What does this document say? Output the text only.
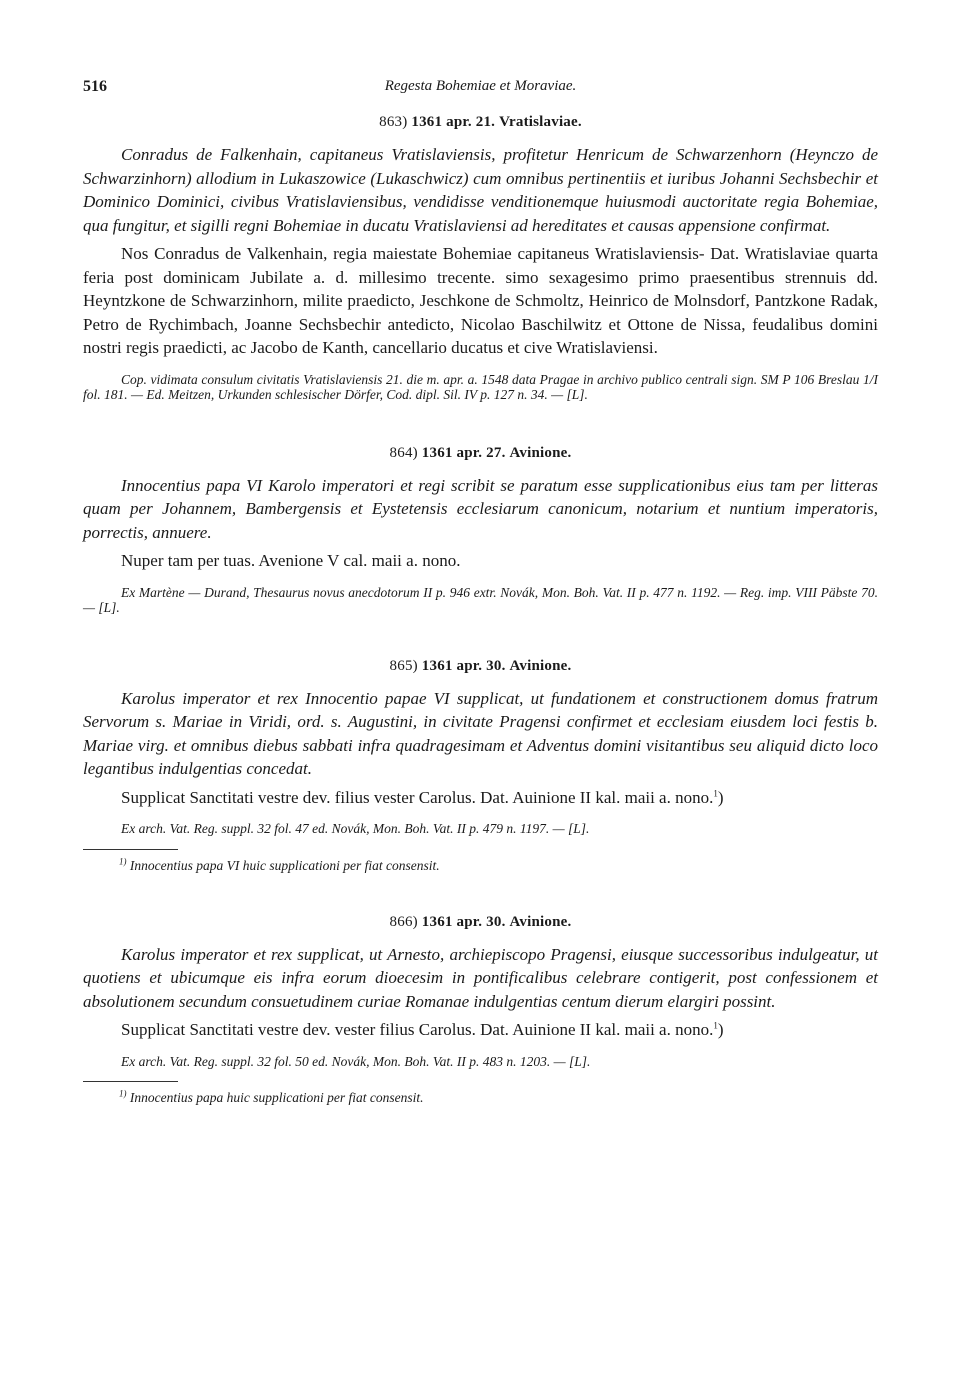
516	Regesta Bohemiae et Moraviae.
863) 1361 apr. 21. Vratislaviae.

Conradus de Falkenhain, capitaneus Vratislaviensis, profitetur Henricum de Schwarzenhorn (Heynczo de Schwarzinhorn) allodium in Lukaszowice (Lukaschwicz) cum omnibus pertinentiis et iuribus Johanni Sechsbechir et Dominico Dominici, civibus Vratislaviensibus, vendidisse venditionemque huiusmodi auctoritate regia Bohemiae, qua fungitur, et sigilli regni Bohemiae in ducatu Vratislaviensi ad hereditates et causas appensione confirmat.

Nos Conradus de Valkenhain, regia maiestate Bohemiae capitaneus Wratislaviensis- Dat. Wratislaviae quarta feria post dominicam Jubilate a. d. millesimo trecente. simo sexagesimo primo praesentibus strennuis dd. Heyntzkone de Schwarzinhorn, milite praedicto, Jeschkone de Schmoltz, Heinrico de Molnsdorf, Pantzkone Radak, Petro de Rychimbach, Joanne Sechsbechir antedicto, Nicolao Baschilwitz et Ottone de Nissa, feudalibus domini nostri regis praedicti, ac Jacobo de Kanth, cancellario ducatus et cive Wratislaviensi.

Cop. vidimata consulum civitatis Vratislaviensis 21. die m. apr. a. 1548 data Pragae in archivo publico centrali sign. SM P 106 Breslau 1/I fol. 181. — Ed. Meitzen, Urkunden schlesischer Dörfer, Cod. dipl. Sil. IV p. 127 n. 34. — [L].

864) 1361 apr. 27. Avinione.

Innocentius papa VI Karolo imperatori et regi scribit se paratum esse supplicationibus eius tam per litteras quam per Johannem, Bambergensis et Eystetensis ecclesiarum canonicum, notarium et nuntium imperatoris, porrectis, annuere.

Nuper tam per tuas. Avenione V cal. maii a. nono.

Ex Martène — Durand, Thesaurus novus anecdotorum II p. 946 extr. Novák, Mon. Boh. Vat. II p. 477 n. 1192. — Reg. imp. VIII Päbste 70. — [L].

865) 1361 apr. 30. Avinione.

Karolus imperator et rex Innocentio papae VI supplicat, ut fundationem et constructionem domus fratrum Servorum s. Mariae in Viridi, ord. s. Augustini, in civitate Pragensi confirmet et ecclesiam eiusdem loci festis b. Mariae virg. et omnibus diebus sabbati infra quadragesimam et Adventus domini visitantibus seu aliquid dicto loco legantibus indulgentias concedat.

Supplicat Sanctitati vestre dev. filius vester Carolus. Dat. Auinione II kal. maii a. nono.$^1$)

Ex arch. Vat. Reg. suppl. 32 fol. 47 ed. Novák, Mon. Boh. Vat. II p. 479 n. 1197. — [L].

$^{1)}$ Innocentius papa VI huic supplicationi per fiat consensit.
866) 1361 apr. 30. Avinione.

Karolus imperator et rex supplicat, ut Arnesto, archiepiscopo Pragensi, eiusque successoribus indulgeatur, ut quotiens et ubicumque eis infra eorum dioecesim in pontificalibus celebrare contigerit, post confessionem et absolutionem secundum consuetudinem curiae Romanae indulgentias centum dierum elargiri possint.

Supplicat Sanctitati vestre dev. vester filius Carolus. Dat. Auinione II kal. maii a. nono.$^1$)

Ex arch. Vat. Reg. suppl. 32 fol. 50 ed. Novák, Mon. Boh. Vat. II p. 483 n. 1203. — [L].

$^{1)}$ Innocentius papa huic supplicationi per fiat consensit.
